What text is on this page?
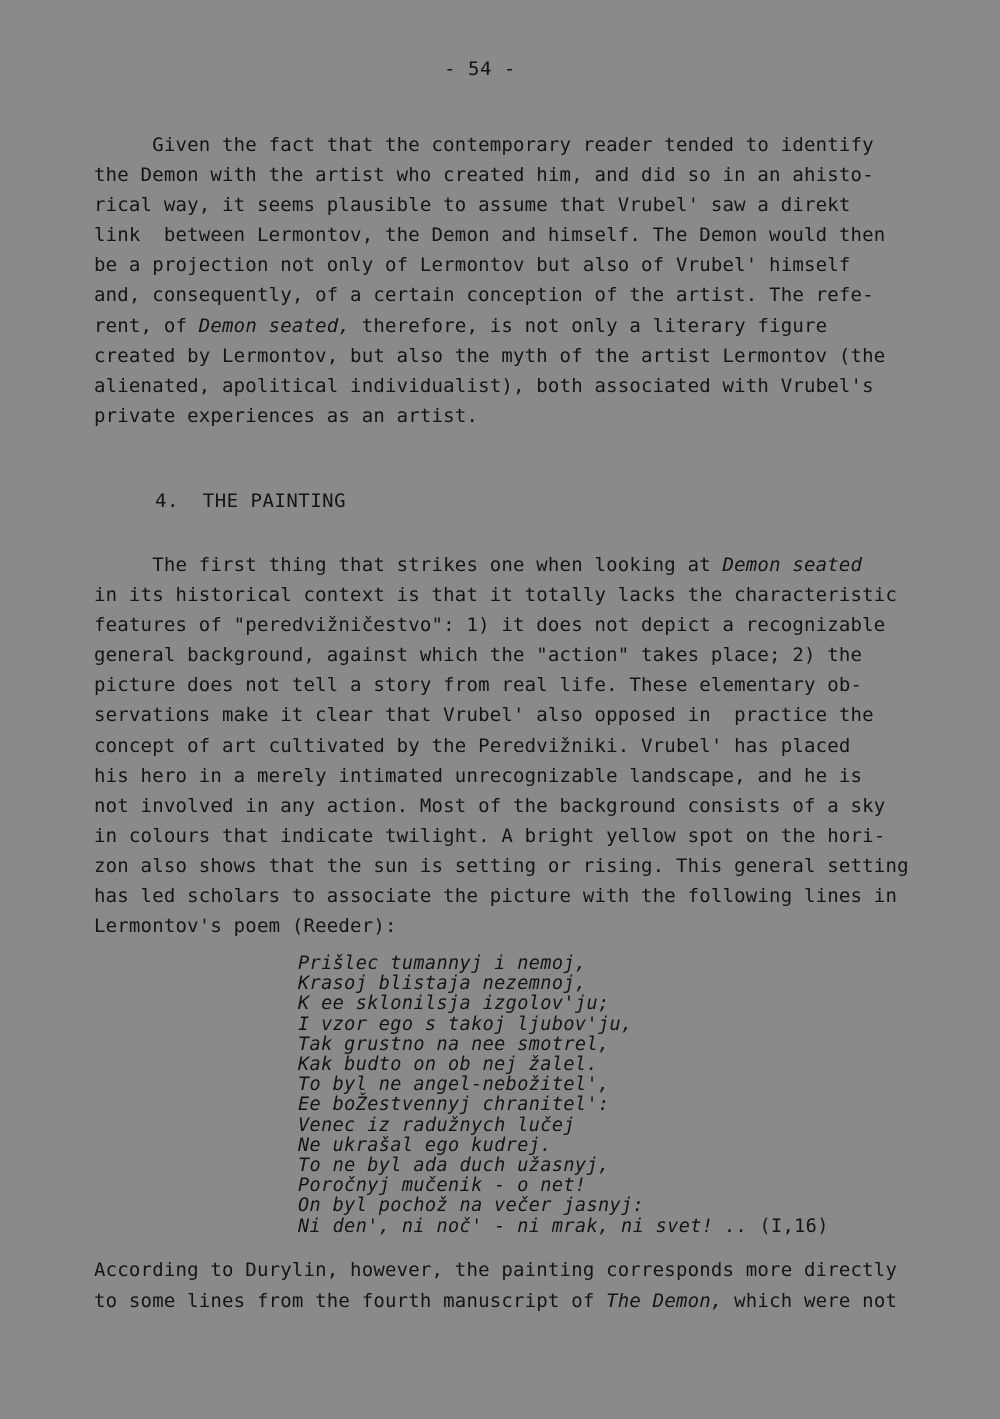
- 54 -

Given the fact that the contemporary reader tended to identify
the Demon with the artist who created him, and did so in an ahisto-
rical way, it seems plausible to assume that Vrubel' saw a direkt
link  between Lermontov, the Demon and himself. The Demon would then
be a projection not only of Lermontov but also of Vrubel' himself
and, consequently, of a certain conception of the artist. The refe-
rent, of Demon seated, therefore, is not only a literary figure
created by Lermontov, but also the myth of the artist Lermontov (the
alienated, apolitical individualist), both associated with Vrubel's
private experiences as an artist.

4.  THE PAINTING

The first thing that strikes one when looking at Demon seated
in its historical context is that it totally lacks the characteristic
features of "peredvižničestvo": 1) it does not depict a recognizable
general background, against which the "action" takes place; 2) the
picture does not tell a story from real life. These elementary ob-
servations make it clear that Vrubel' also opposed in  practice the
concept of art cultivated by the Peredvižniki. Vrubel' has placed
his hero in a merely intimated unrecognizable landscape, and he is
not involved in any action. Most of the background consists of a sky
in colours that indicate twilight. A bright yellow spot on the hori-
zon also shows that the sun is setting or rising. This general setting
has led scholars to associate the picture with the following lines in
Lermontov's poem (Reeder):

Prišlec tumannyj i nemoj,
Krasoj blistaja nezemnoj,
K ee sklonilsja izgolov'ju;
I vzor ego s takoj ljubov'ju,
Tak grustno na nee smotrel,
Kak budto on ob nej žalel.
To byl ne angel-nebožitel',
Ee boŽestvennyj chranitel':
Venec iz radužnych lučej
Ne ukrašal ego kudrej.
To ne byl ada duch užasnyj,
Poročnyj mučenik - o net!
On byl pochož na večer jasnyj:
Ni den', ni noč' - ni mrak, ni svet! .. (I,16)

According to Durylin, however, the painting corresponds more directly
to some lines from the fourth manuscript of The Demon, which were not
